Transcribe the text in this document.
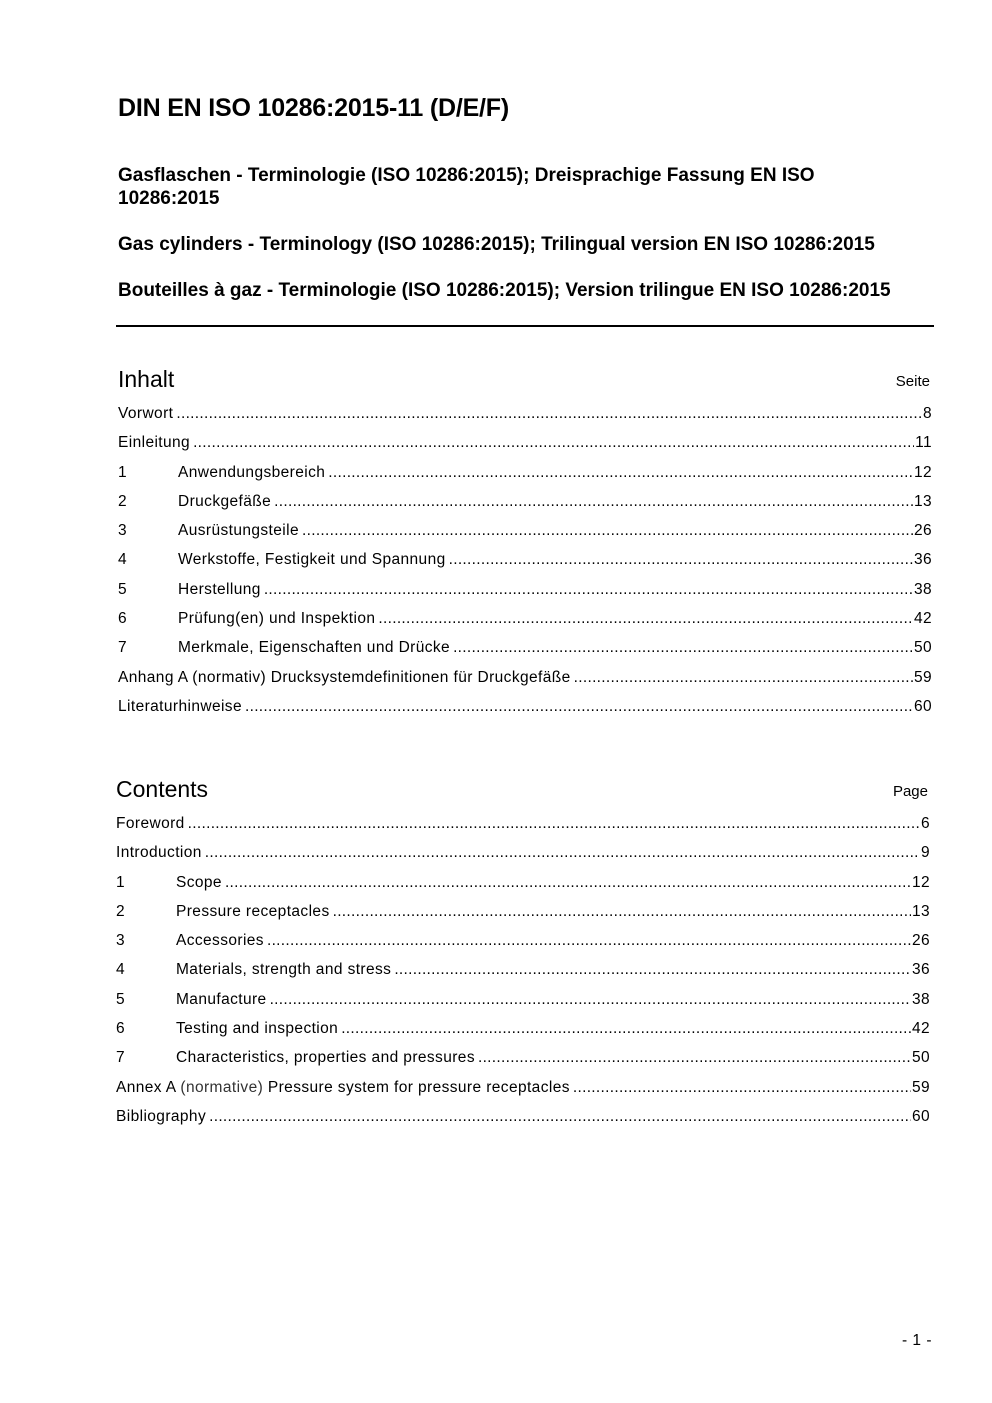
DIN EN ISO 10286:2015-11 (D/E/F)

Gasflaschen - Terminologie (ISO 10286:2015); Dreisprachige Fassung EN ISO 10286:2015

Gas cylinders - Terminology (ISO 10286:2015); Trilingual version EN ISO 10286:2015

Bouteilles à gaz - Terminologie (ISO 10286:2015); Version trilingue EN ISO 10286:2015

Inhalt	Seite
Vorwort .....	8
Einleitung .....	11
1	Anwendungsbereich .....	12
2	Druckgefäße .....	13
3	Ausrüstungsteile .....	26
4	Werkstoffe, Festigkeit und Spannung .....	36
5	Herstellung .....	38
6	Prüfung(en) und Inspektion .....	42
7	Merkmale, Eigenschaften und Drücke .....	50
Anhang A (normativ) Drucksystemdefinitionen für Druckgefäße .....	59
Literaturhinweise .....	60
Contents	Page
Foreword .....	6
Introduction .....	9
1	Scope .....	12
2	Pressure receptacles .....	13
3	Accessories .....	26
4	Materials, strength and stress .....	36
5	Manufacture .....	38
6	Testing and inspection .....	42
7	Characteristics, properties and pressures .....	50
Annex A (normative) Pressure system for pressure receptacles .....	59
Bibliography .....	60
- 1 -
